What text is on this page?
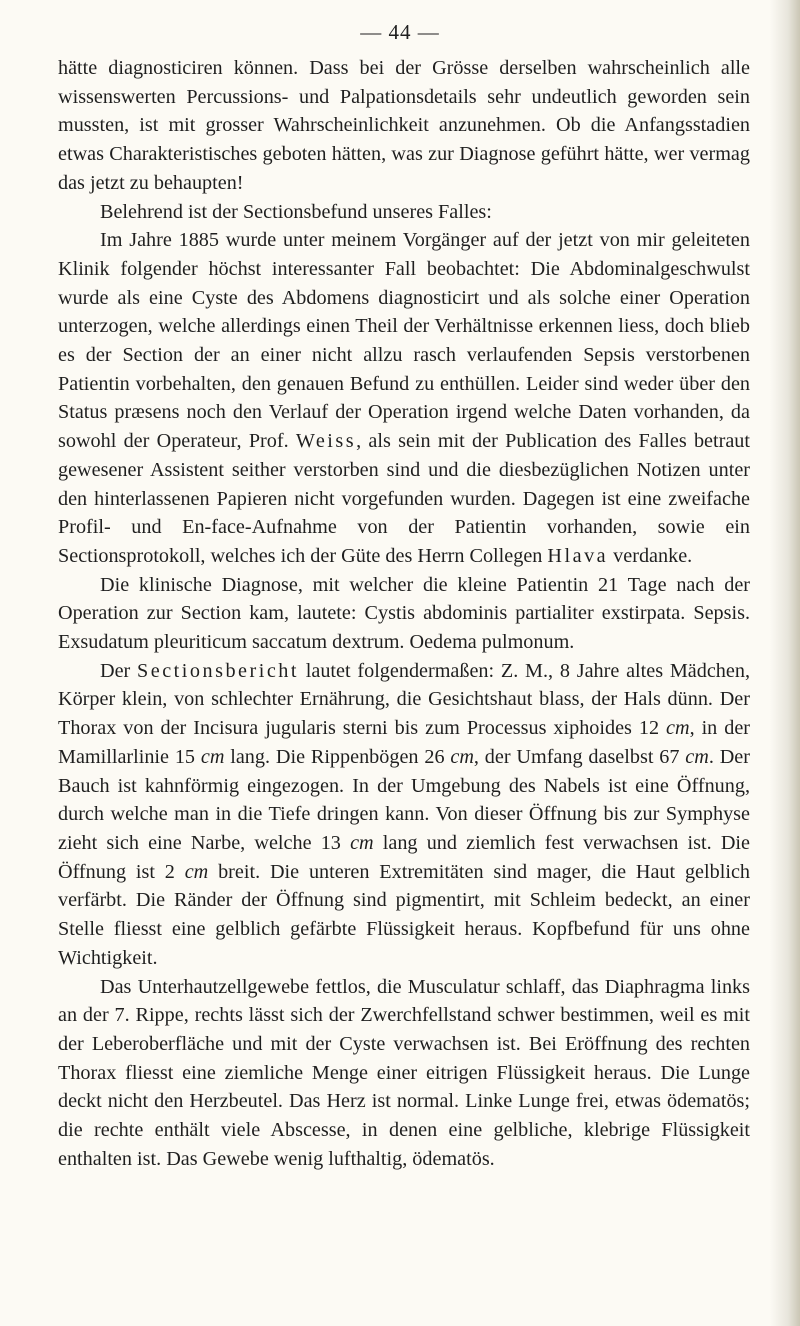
— 44 —

hätte diagnosticiren können. Dass bei der Grösse derselben wahrscheinlich alle wissenswerten Percussions- und Palpationsdetails sehr undeutlich geworden sein mussten, ist mit grosser Wahrscheinlichkeit anzunehmen. Ob die Anfangsstadien etwas Charakteristisches geboten hätten, was zur Diagnose geführt hätte, wer vermag das jetzt zu behaupten!

Belehrend ist der Sectionsbefund unseres Falles:

Im Jahre 1885 wurde unter meinem Vorgänger auf der jetzt von mir geleiteten Klinik folgender höchst interessanter Fall beobachtet: Die Abdominalgeschwulst wurde als eine Cyste des Abdomens diagnosticirt und als solche einer Operation unterzogen, welche allerdings einen Theil der Verhältnisse erkennen liess, doch blieb es der Section der an einer nicht allzu rasch verlaufenden Sepsis verstorbenen Patientin vorbehalten, den genauen Befund zu enthüllen. Leider sind weder über den Status præsens noch den Verlauf der Operation irgend welche Daten vorhanden, da sowohl der Operateur, Prof. Weiss, als sein mit der Publication des Falles betraut gewesener Assistent seither verstorben sind und die diesbezüglichen Notizen unter den hinterlassenen Papieren nicht vorgefunden wurden. Dagegen ist eine zweifache Profil- und En-face-Aufnahme von der Patientin vorhanden, sowie ein Sectionsprotokoll, welches ich der Güte des Herrn Collegen Hlava verdanke.

Die klinische Diagnose, mit welcher die kleine Patientin 21 Tage nach der Operation zur Section kam, lautete: Cystis abdominis partialiter exstirpata. Sepsis. Exsudatum pleuriticum saccatum dextrum. Oedema pulmonum.

Der Sectionsbericht lautet folgendermaßen: Z. M., 8 Jahre altes Mädchen, Körper klein, von schlechter Ernährung, die Gesichtshaut blass, der Hals dünn. Der Thorax von der Incisura jugularis sterni bis zum Processus xiphoides 12 cm, in der Mamillarlinie 15 cm lang. Die Rippenbögen 26 cm, der Umfang daselbst 67 cm. Der Bauch ist kahnförmig eingezogen. In der Umgebung des Nabels ist eine Öffnung, durch welche man in die Tiefe dringen kann. Von dieser Öffnung bis zur Symphyse zieht sich eine Narbe, welche 13 cm lang und ziemlich fest verwachsen ist. Die Öffnung ist 2 cm breit. Die unteren Extremitäten sind mager, die Haut gelblich verfärbt. Die Ränder der Öffnung sind pigmentirt, mit Schleim bedeckt, an einer Stelle fliesst eine gelblich gefärbte Flüssigkeit heraus. Kopfbefund für uns ohne Wichtigkeit.

Das Unterhautzellgewebe fettlos, die Musculatur schlaff, das Diaphragma links an der 7. Rippe, rechts lässt sich der Zwerchfellstand schwer bestimmen, weil es mit der Leberoberfläche und mit der Cyste verwachsen ist. Bei Eröffnung des rechten Thorax fliesst eine ziemliche Menge einer eitrigen Flüssigkeit heraus. Die Lunge deckt nicht den Herzbeutel. Das Herz ist normal. Linke Lunge frei, etwas ödematös; die rechte enthält viele Abscesse, in denen eine gelbliche, klebrige Flüssigkeit enthalten ist. Das Gewebe wenig lufthaltig, ödematös.
